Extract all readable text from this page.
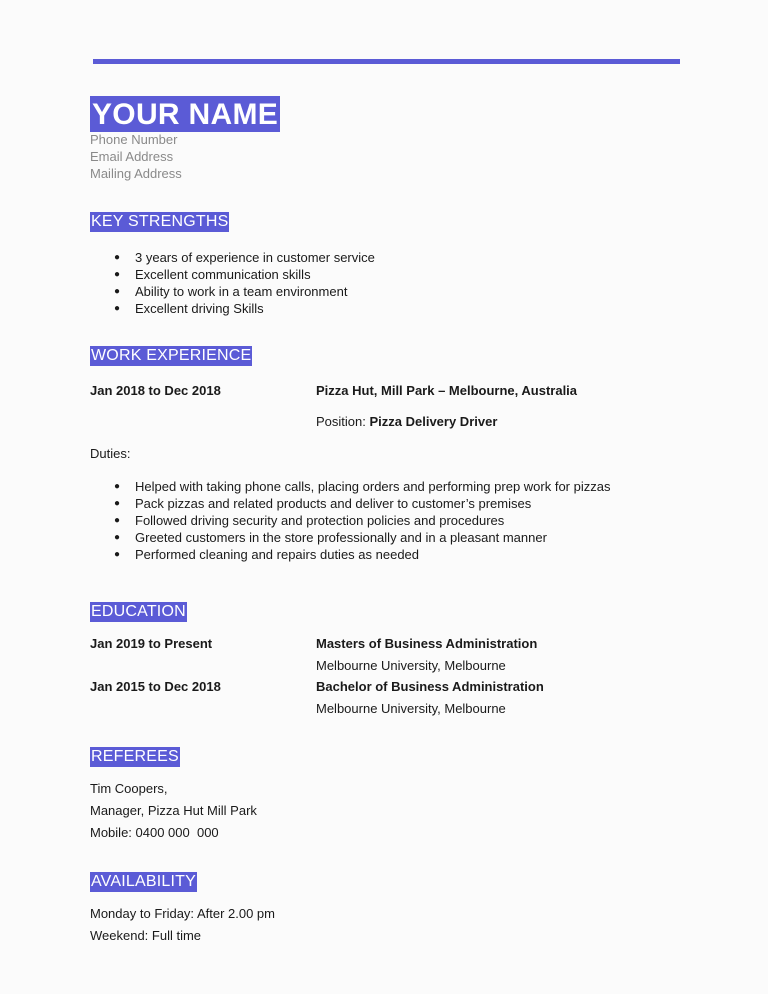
YOUR NAME
Phone Number
Email Address
Mailing Address
KEY STRENGTHS
● 3 years of experience in customer service
● Excellent communication skills
● Ability to work in a team environment
● Excellent driving Skills
WORK EXPERIENCE
Jan 2018 to Dec 2018	Pizza Hut, Mill Park – Melbourne, Australia
Position: Pizza Delivery Driver
Duties:
● Helped with taking phone calls, placing orders and performing prep work for pizzas
● Pack pizzas and related products and deliver to customer’s premises
● Followed driving security and protection policies and procedures
● Greeted customers in the store professionally and in a pleasant manner
● Performed cleaning and repairs duties as needed
EDUCATION
Jan 2019 to Present	Masters of Business Administration
Melbourne University, Melbourne
Jan 2015 to Dec 2018	Bachelor of Business Administration
Melbourne University, Melbourne
REFEREES
Tim Coopers,
Manager, Pizza Hut Mill Park
Mobile: 0400 000  000
AVAILABILITY
Monday to Friday: After 2.00 pm
Weekend: Full time
